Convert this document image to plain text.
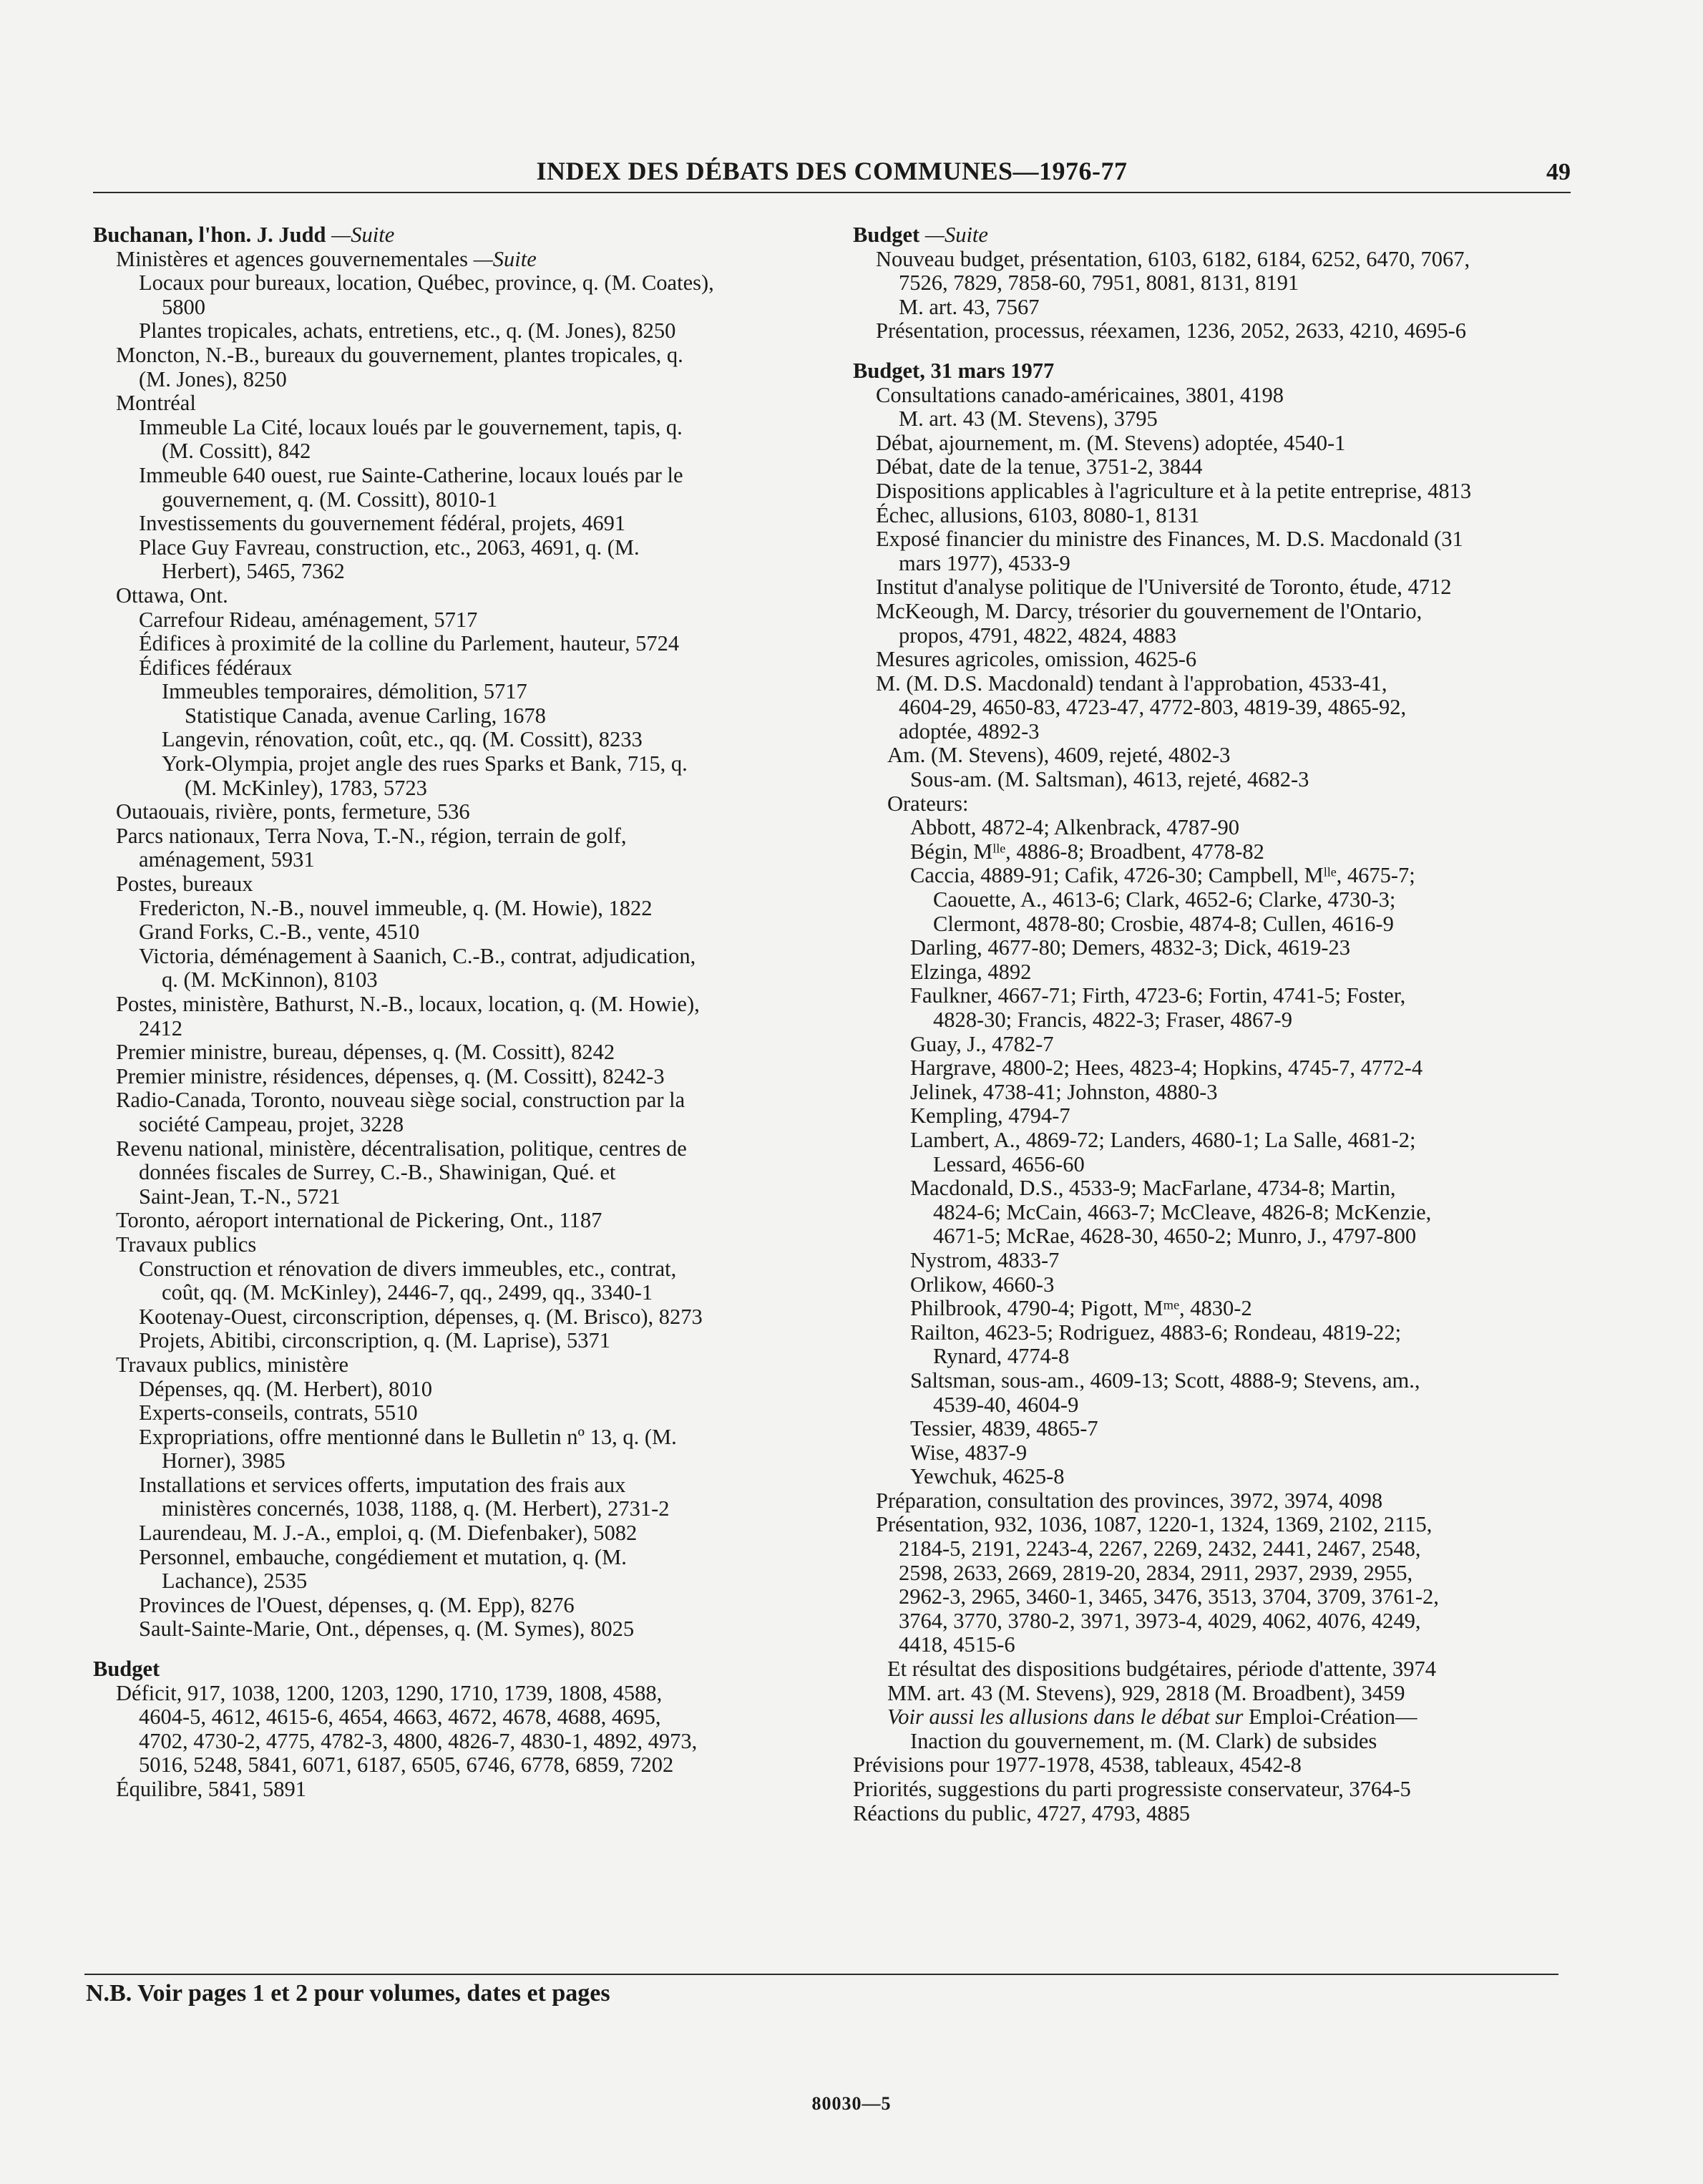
INDEX DES DÉBATS DES COMMUNES—1976-77	49
Buchanan, l'hon. J. Judd —Suite
Ministères et agences gouvernementales —Suite
Locaux pour bureaux, location, Québec, province, q. (M. Coates),
5800
Plantes tropicales, achats, entretiens, etc., q. (M. Jones), 8250
Moncton, N.-B., bureaux du gouvernement, plantes tropicales, q.
(M. Jones), 8250
Montréal
Immeuble La Cité, locaux loués par le gouvernement, tapis, q.
(M. Cossitt), 842
Immeuble 640 ouest, rue Sainte-Catherine, locaux loués par le
gouvernement, q. (M. Cossitt), 8010-1
Investissements du gouvernement fédéral, projets, 4691
Place Guy Favreau, construction, etc., 2063, 4691, q. (M.
Herbert), 5465, 7362
Ottawa, Ont.
Carrefour Rideau, aménagement, 5717
Édifices à proximité de la colline du Parlement, hauteur, 5724
Édifices fédéraux
Immeubles temporaires, démolition, 5717
Statistique Canada, avenue Carling, 1678
Langevin, rénovation, coût, etc., qq. (M. Cossitt), 8233
York-Olympia, projet angle des rues Sparks et Bank, 715, q.
(M. McKinley), 1783, 5723
Outaouais, rivière, ponts, fermeture, 536
Parcs nationaux, Terra Nova, T.-N., région, terrain de golf,
aménagement, 5931
Postes, bureaux
Fredericton, N.-B., nouvel immeuble, q. (M. Howie), 1822
Grand Forks, C.-B., vente, 4510
Victoria, déménagement à Saanich, C.-B., contrat, adjudication,
q. (M. McKinnon), 8103
Postes, ministère, Bathurst, N.-B., locaux, location, q. (M. Howie),
2412
Premier ministre, bureau, dépenses, q. (M. Cossitt), 8242
Premier ministre, résidences, dépenses, q. (M. Cossitt), 8242-3
Radio-Canada, Toronto, nouveau siège social, construction par la
société Campeau, projet, 3228
Revenu national, ministère, décentralisation, politique, centres de
données fiscales de Surrey, C.-B., Shawinigan, Qué. et
Saint-Jean, T.-N., 5721
Toronto, aéroport international de Pickering, Ont., 1187
Travaux publics
Construction et rénovation de divers immeubles, etc., contrat,
coût, qq. (M. McKinley), 2446-7, qq., 2499, qq., 3340-1
Kootenay-Ouest, circonscription, dépenses, q. (M. Brisco), 8273
Projets, Abitibi, circonscription, q. (M. Laprise), 5371
Travaux publics, ministère
Dépenses, qq. (M. Herbert), 8010
Experts-conseils, contrats, 5510
Expropriations, offre mentionné dans le Bulletin nº 13, q. (M.
Horner), 3985
Installations et services offerts, imputation des frais aux
ministères concernés, 1038, 1188, q. (M. Herbert), 2731-2
Laurendeau, M. J.-A., emploi, q. (M. Diefenbaker), 5082
Personnel, embauche, congédiement et mutation, q. (M.
Lachance), 2535
Provinces de l'Ouest, dépenses, q. (M. Epp), 8276
Sault-Sainte-Marie, Ont., dépenses, q. (M. Symes), 8025
Budget
Déficit, 917, 1038, 1200, 1203, 1290, 1710, 1739, 1808, 4588,
4604-5, 4612, 4615-6, 4654, 4663, 4672, 4678, 4688, 4695,
4702, 4730-2, 4775, 4782-3, 4800, 4826-7, 4830-1, 4892, 4973,
5016, 5248, 5841, 6071, 6187, 6505, 6746, 6778, 6859, 7202
Équilibre, 5841, 5891
Budget —Suite
Nouveau budget, présentation, 6103, 6182, 6184, 6252, 6470, 7067,
7526, 7829, 7858-60, 7951, 8081, 8131, 8191
M. art. 43, 7567
Présentation, processus, réexamen, 1236, 2052, 2633, 4210, 4695-6
Budget, 31 mars 1977
Consultations canado-américaines, 3801, 4198
M. art. 43 (M. Stevens), 3795
Débat, ajournement, m. (M. Stevens) adoptée, 4540-1
Débat, date de la tenue, 3751-2, 3844
Dispositions applicables à l'agriculture et à la petite entreprise, 4813
Échec, allusions, 6103, 8080-1, 8131
Exposé financier du ministre des Finances, M. D.S. Macdonald (31
mars 1977), 4533-9
Institut d'analyse politique de l'Université de Toronto, étude, 4712
McKeough, M. Darcy, trésorier du gouvernement de l'Ontario,
propos, 4791, 4822, 4824, 4883
Mesures agricoles, omission, 4625-6
M. (M. D.S. Macdonald) tendant à l'approbation, 4533-41,
4604-29, 4650-83, 4723-47, 4772-803, 4819-39, 4865-92,
adoptée, 4892-3
Am. (M. Stevens), 4609, rejeté, 4802-3
Sous-am. (M. Saltsman), 4613, rejeté, 4682-3
Orateurs:
Abbott, 4872-4; Alkenbrack, 4787-90
Bégin, Mˡˡᵉ, 4886-8; Broadbent, 4778-82
Caccia, 4889-91; Cafik, 4726-30; Campbell, Mˡˡᵉ, 4675-7;
Caouette, A., 4613-6; Clark, 4652-6; Clarke, 4730-3;
Clermont, 4878-80; Crosbie, 4874-8; Cullen, 4616-9
Darling, 4677-80; Demers, 4832-3; Dick, 4619-23
Elzinga, 4892
Faulkner, 4667-71; Firth, 4723-6; Fortin, 4741-5; Foster,
4828-30; Francis, 4822-3; Fraser, 4867-9
Guay, J., 4782-7
Hargrave, 4800-2; Hees, 4823-4; Hopkins, 4745-7, 4772-4
Jelinek, 4738-41; Johnston, 4880-3
Kempling, 4794-7
Lambert, A., 4869-72; Landers, 4680-1; La Salle, 4681-2;
Lessard, 4656-60
Macdonald, D.S., 4533-9; MacFarlane, 4734-8; Martin,
4824-6; McCain, 4663-7; McCleave, 4826-8; McKenzie,
4671-5; McRae, 4628-30, 4650-2; Munro, J., 4797-800
Nystrom, 4833-7
Orlikow, 4660-3
Philbrook, 4790-4; Pigott, Mᵐᵉ, 4830-2
Railton, 4623-5; Rodriguez, 4883-6; Rondeau, 4819-22;
Rynard, 4774-8
Saltsman, sous-am., 4609-13; Scott, 4888-9; Stevens, am.,
4539-40, 4604-9
Tessier, 4839, 4865-7
Wise, 4837-9
Yewchuk, 4625-8
Préparation, consultation des provinces, 3972, 3974, 4098
Présentation, 932, 1036, 1087, 1220-1, 1324, 1369, 2102, 2115,
2184-5, 2191, 2243-4, 2267, 2269, 2432, 2441, 2467, 2548,
2598, 2633, 2669, 2819-20, 2834, 2911, 2937, 2939, 2955,
2962-3, 2965, 3460-1, 3465, 3476, 3513, 3704, 3709, 3761-2,
3764, 3770, 3780-2, 3971, 3973-4, 4029, 4062, 4076, 4249,
4418, 4515-6
Et résultat des dispositions budgétaires, période d'attente, 3974
MM. art. 43 (M. Stevens), 929, 2818 (M. Broadbent), 3459
Voir aussi les allusions dans le débat sur Emploi-Création—
Inaction du gouvernement, m. (M. Clark) de subsides
Prévisions pour 1977-1978, 4538, tableaux, 4542-8
Priorités, suggestions du parti progressiste conservateur, 3764-5
Réactions du public, 4727, 4793, 4885
N.B. Voir pages 1 et 2 pour volumes, dates et pages
80030—5
